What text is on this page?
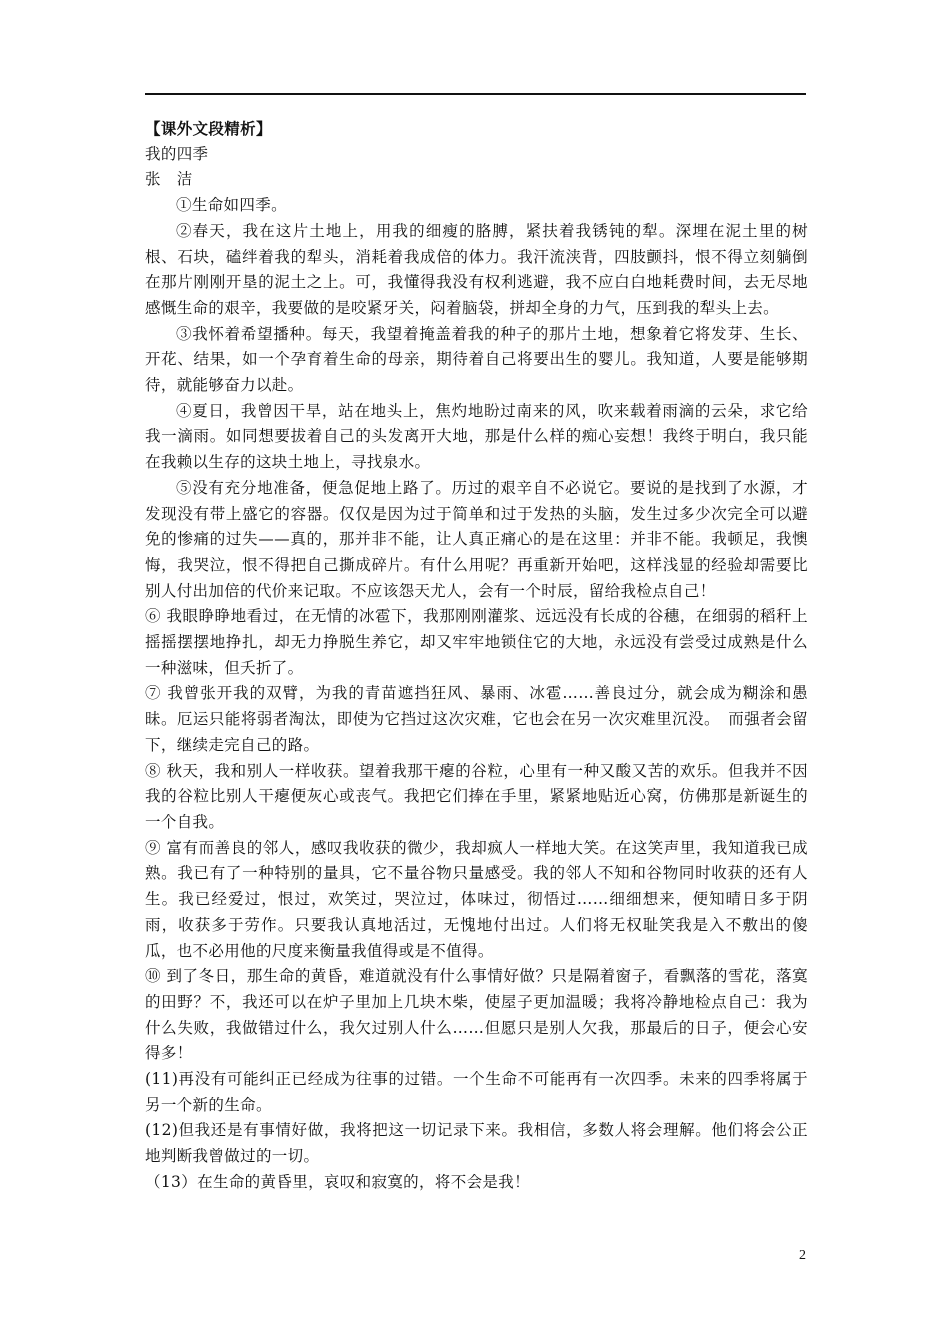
【课外文段精析】

我的四季

张　洁

①生命如四季。

②春天，我在这片土地上，用我的细瘦的胳膊，紧扶着我锈钝的犁。深埋在泥土里的树根、石块，磕绊着我的犁头，消耗着我成倍的体力。我汗流浃背，四肢颤抖，恨不得立刻躺倒在那片刚刚开垦的泥土之上。可，我懂得我没有权利逃避，我不应白白地耗费时间，去无尽地感慨生命的艰辛，我要做的是咬紧牙关，闷着脑袋，拼却全身的力气，压到我的犁头上去。

③我怀着希望播种。每天，我望着掩盖着我的种子的那片土地，想象着它将发芽、生长、开花、结果，如一个孕育着生命的母亲，期待着自己将要出生的婴儿。我知道，人要是能够期待，就能够奋力以赴。

④夏日，我曾因干旱，站在地头上，焦灼地盼过南来的风，吹来载着雨滴的云朵，求它给我一滴雨。如同想要拔着自己的头发离开大地，那是什么样的痴心妄想！我终于明白，我只能在我赖以生存的这块土地上，寻找泉水。

⑤没有充分地准备，便急促地上路了。历过的艰辛自不必说它。要说的是找到了水源，才发现没有带上盛它的容器。仅仅是因为过于简单和过于发热的头脑，发生过多少次完全可以避免的惨痛的过失——真的，那并非不能，让人真正痛心的是在这里：并非不能。我顿足，我懊悔，我哭泣，恨不得把自己撕成碎片。有什么用呢？再重新开始吧，这样浅显的经验却需要比别人付出加倍的代价来记取。不应该怨天尤人，会有一个时辰，留给我检点自己！

⑥ 我眼睁睁地看过，在无情的冰雹下，我那刚刚灌浆、远远没有长成的谷穗，在细弱的稻秆上摇摇摆摆地挣扎，却无力挣脱生养它，却又牢牢地锁住它的大地，永远没有尝受过成熟是什么一种滋味，但夭折了。

⑦ 我曾张开我的双臂，为我的青苗遮挡狂风、暴雨、冰雹……善良过分，就会成为糊涂和愚昧。厄运只能将弱者淘汰，即使为它挡过这次灾难，它也会在另一次灾难里沉没。　而强者会留下，继续走完自己的路。

⑧ 秋天，我和别人一样收获。望着我那干瘪的谷粒，心里有一种又酸又苦的欢乐。但我并不因我的谷粒比别人干瘪便灰心或丧气。我把它们捧在手里，紧紧地贴近心窝，仿佛那是新诞生的一个自我。

⑨ 富有而善良的邻人，感叹我收获的微少，我却疯人一样地大笑。在这笑声里，我知道我已成熟。我已有了一种特别的量具，它不量谷物只量感受。我的邻人不知和谷物同时收获的还有人生。我已经爱过，恨过，欢笑过，哭泣过，体味过，彻悟过……细细想来，便知晴日多于阴雨，收获多于劳作。只要我认真地活过，无愧地付出过。人们将无权耻笑我是入不敷出的傻瓜，也不必用他的尺度来衡量我值得或是不值得。

⑩ 到了冬日，那生命的黄昏，难道就没有什么事情好做？只是隔着窗子，看飘落的雪花，落寞的田野？不，我还可以在炉子里加上几块木柴，使屋子更加温暖；我将冷静地检点自己：我为什么失败，我做错过什么，我欠过别人什么……但愿只是别人欠我，那最后的日子，便会心安得多！

(11)再没有可能纠正已经成为往事的过错。一个生命不可能再有一次四季。未来的四季将属于另一个新的生命。

(12)但我还是有事情好做，我将把这一切记录下来。我相信，多数人将会理解。他们将会公正地判断我曾做过的一切。

（13）在生命的黄昏里，哀叹和寂寞的，将不会是我！

2
